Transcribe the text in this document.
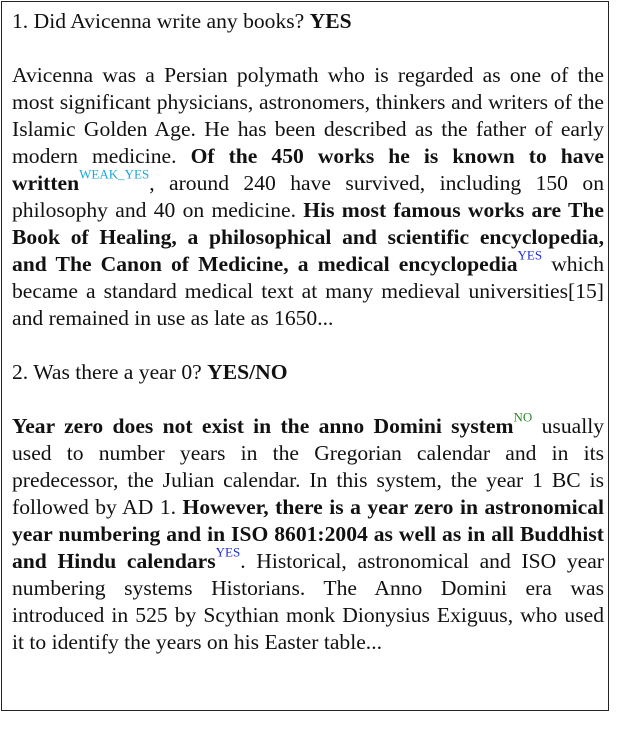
1. Did Avicenna write any books? YES

Avicenna was a Persian polymath who is regarded as one of the most significant physicians, astronomers, thinkers and writers of the Islamic Golden Age. He has been described as the father of early modern medicine. Of the 450 works he is known to have written$^{WEAK\_YES}$, around 240 have survived, including 150 on philosophy and 40 on medicine. His most famous works are The Book of Healing, a philosophical and scientific encyclopedia, and The Canon of Medicine, a medical encyclopedia$^{YES}$ which became a standard medical text at many medieval universities[15] and remained in use as late as 1650...

2. Was there a year 0? YES/NO

Year zero does not exist in the anno Domini system$^{NO}$ usually used to number years in the Gregorian calendar and in its predecessor, the Julian calendar. In this system, the year 1 BC is followed by AD 1. However, there is a year zero in astronomical year numbering and in ISO 8601:2004 as well as in all Buddhist and Hindu calendars$^{YES}$. Historical, astronomical and ISO year numbering systems Historians. The Anno Domini era was introduced in 525 by Scythian monk Dionysius Exiguus, who used it to identify the years on his Easter table...
